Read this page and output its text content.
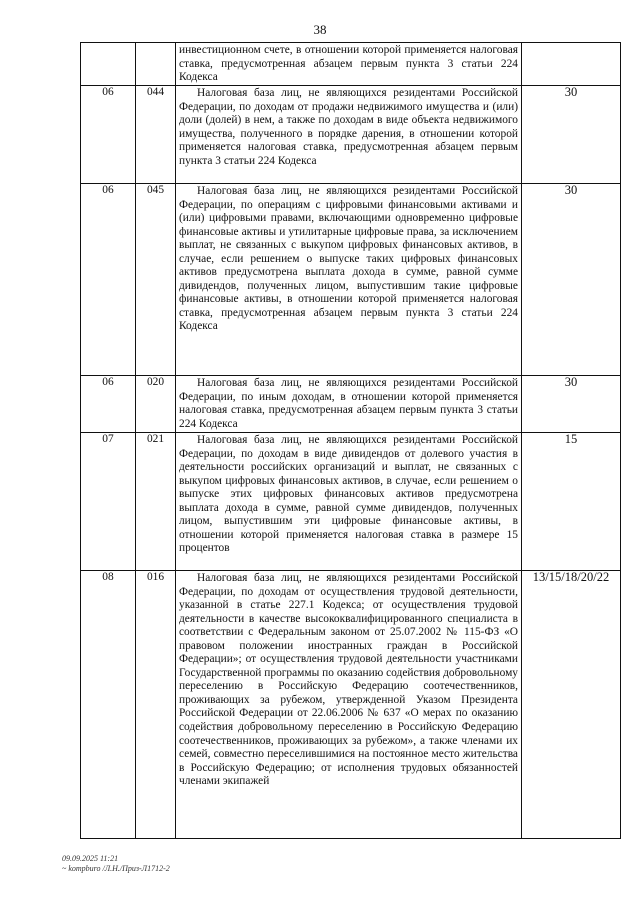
38

		инвестиционном счете, в отношении которой применяется налоговая ставка, предусмотренная абзацем первым пункта 3 статьи 224 Кодекса	

06	044	Налоговая база лиц, не являющихся резидентами Российской Федерации, по доходам от продажи недвижимого имущества и (или) доли (долей) в нем, а также по доходам в виде объекта недвижимого имущества, полученного в порядке дарения, в отношении которой применяется налоговая ставка, предусмотренная абзацем первым пункта 3 статьи 224 Кодекса	30
06	045	Налоговая база лиц, не являющихся резидентами Российской Федерации, по операциям с цифровыми финансовыми активами и (или) цифровыми правами, включающими одновременно цифровые финансовые активы и утилитарные цифровые права, за исключением выплат, не связанных с выкупом цифровых финансовых активов, в случае, если решением о выпуске таких цифровых финансовых активов предусмотрена выплата дохода в сумме, равной сумме дивидендов, полученных лицом, выпустившим такие цифровые финансовые активы, в отношении которой применяется налоговая ставка, предусмотренная абзацем первым пункта 3 статьи 224 Кодекса	30
06	020	Налоговая база лиц, не являющихся резидентами Российской Федерации, по иным доходам, в отношении которой применяется налоговая ставка, предусмотренная абзацем первым пункта 3 статьи 224 Кодекса	30
07	021	Налоговая база лиц, не являющихся резидентами Российской Федерации, по доходам в виде дивидендов от долевого участия в деятельности российских организаций и выплат, не связанных с выкупом цифровых финансовых активов, в случае, если решением о выпуске этих цифровых финансовых активов предусмотрена выплата дохода в сумме, равной сумме дивидендов, полученных лицом, выпустившим эти цифровые финансовые активы, в отношении которой применяется налоговая ставка в размере 15 процентов	15
08	016	Налоговая база лиц, не являющихся резидентами Российской Федерации, по доходам от осуществления трудовой деятельности, указанной в статье 227.1 Кодекса; от осуществления трудовой деятельности в качестве высококвалифицированного специалиста в соответствии с Федеральным законом от 25.07.2002 № 115-ФЗ «О правовом положении иностранных граждан в Российской Федерации»; от осуществления трудовой деятельности участниками Государственной программы по оказанию содействия добровольному переселению в Российскую Федерацию соотечественников, проживающих за рубежом, утвержденной Указом Президента Российской Федерации от 22.06.2006 № 637 «О мерах по оказанию содействия добровольному переселению в Российскую Федерацию соотечественников, проживающих за рубежом», а также членами их семей, совместно переселившимися на постоянное место жительства в Российскую Федерацию; от исполнения трудовых обязанностей членами экипажей	13/15/18/20/22
09.09.2025 11:21
~ kompburo /Л.Н./Приз-Л1712-2
